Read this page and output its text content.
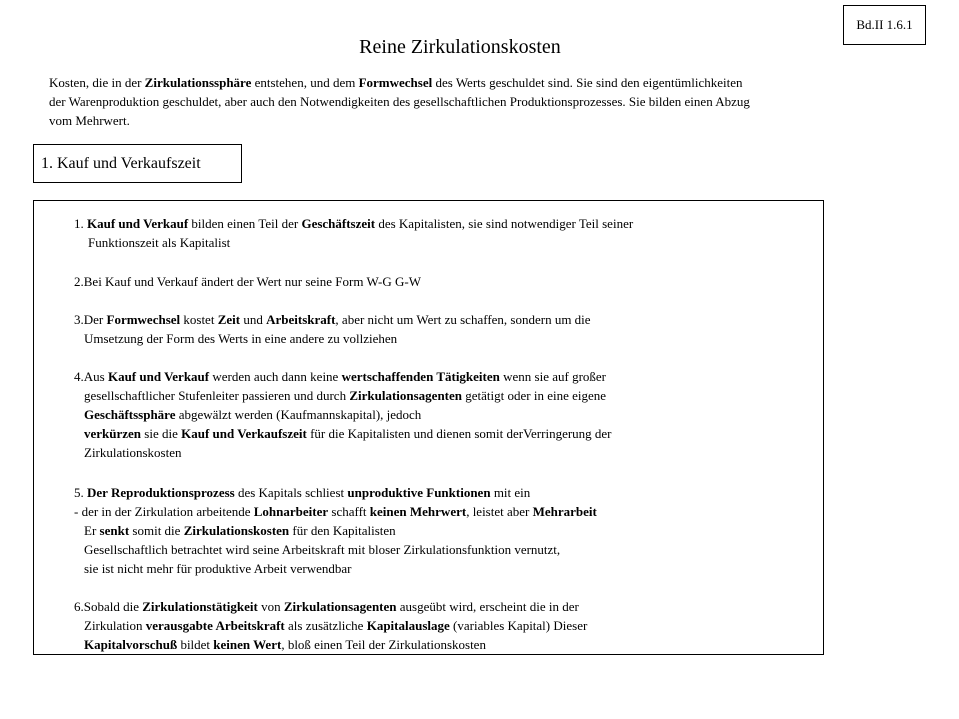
Bd.II 1.6.1
Reine Zirkulationskosten
Kosten, die in der Zirkulationssphäre entstehen, und dem Formwechsel des Werts geschuldet sind. Sie sind den eigentümlichkeiten
der Warenproduktion geschuldet, aber auch den Notwendigkeiten des gesellschaftlichen Produktionsprozesses. Sie bilden einen Abzug
vom Mehrwert.
1. Kauf und Verkaufszeit
1. Kauf und Verkauf bilden einen Teil der Geschäftszeit des Kapitalisten, sie sind notwendiger Teil seiner
Funktionszeit als Kapitalist
2.Bei Kauf und Verkauf ändert der Wert nur seine Form W-G G-W
3.Der Formwechsel kostet Zeit und Arbeitskraft, aber nicht um Wert zu schaffen, sondern um die
Umsetzung der Form des Werts in eine andere zu vollziehen
4.Aus Kauf und Verkauf werden auch dann keine wertschaffenden Tätigkeiten wenn sie auf großer
gesellschaftlicher Stufenleiter passieren und durch Zirkulationsagenten getätigt oder in eine eigene
Geschäftssphäre abgewälzt werden (Kaufmannskapital), jedoch
verkürzen sie die Kauf und Verkaufszeit für die Kapitalisten und dienen somit derVerringerung der
Zirkulationskosten
5. Der Reproduktionsprozess des Kapitals schliest unproduktive Funktionen mit ein
- der in der Zirkulation arbeitende Lohnarbeiter schafft keinen Mehrwert, leistet aber Mehrarbeit
Er senkt somit die Zirkulationskosten für den Kapitalisten
Gesellschaftlich betrachtet wird seine Arbeitskraft mit bloser Zirkulationsfunktion vernutzt,
sie ist nicht mehr für produktive Arbeit verwendbar
6.Sobald die Zirkulationstätigkeit von Zirkulationsagenten ausgeübt wird, erscheint die in der
Zirkulation verausgabte Arbeitskraft als zusätzliche Kapitalauslage (variables Kapital) Dieser
Kapitalvorschuß bildet keinen Wert, bloß einen Teil der Zirkulationskosten
